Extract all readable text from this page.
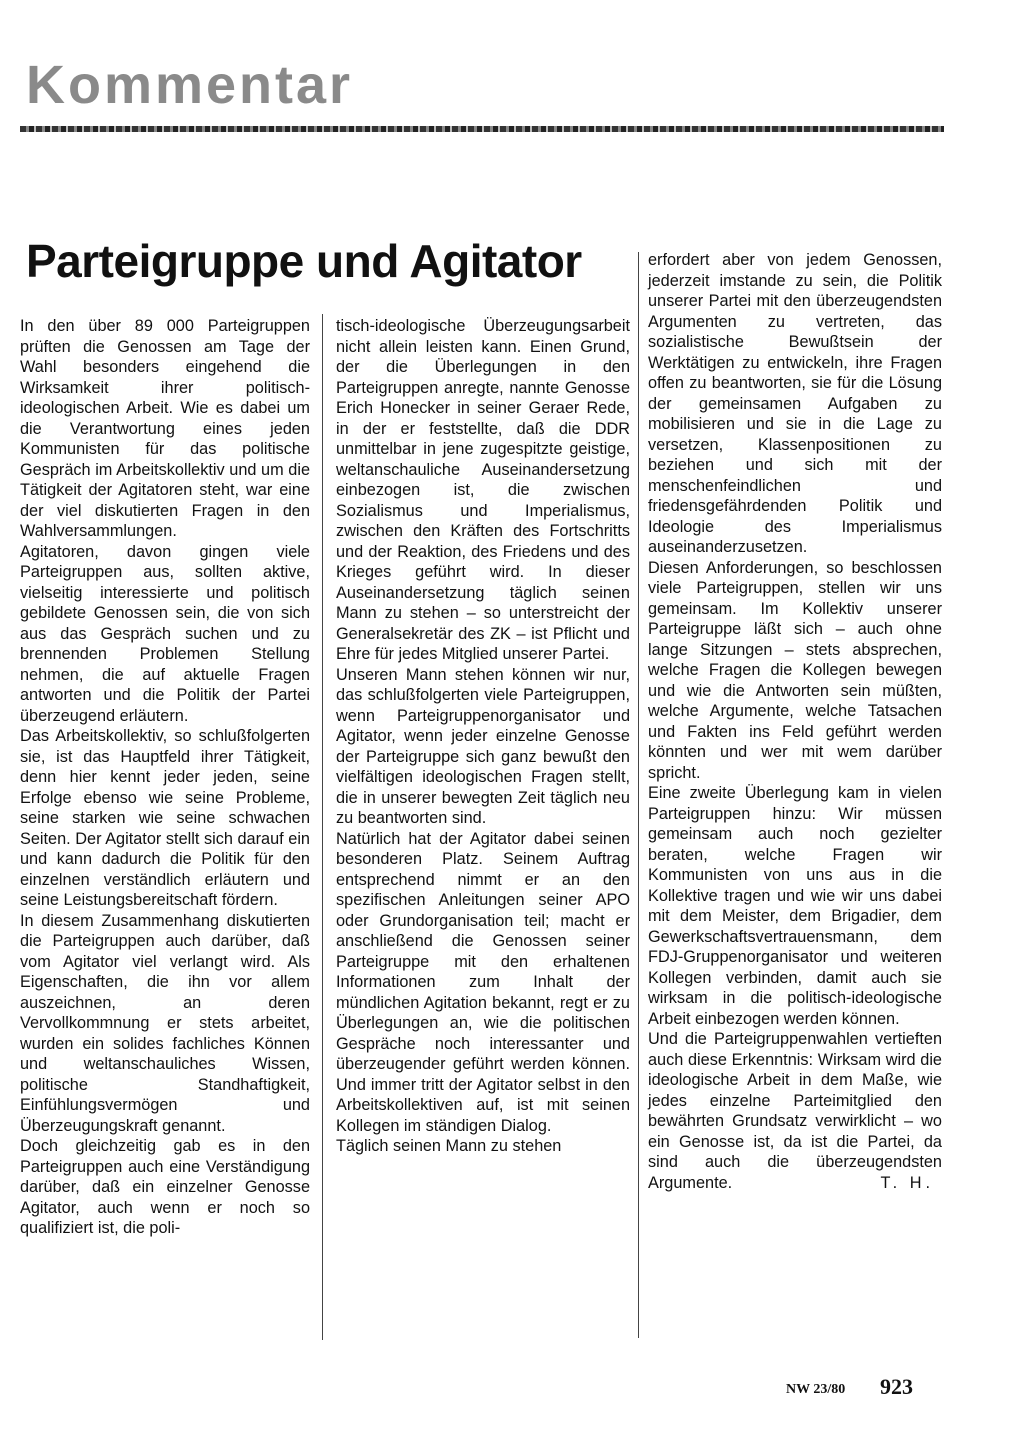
Kommentar
Parteigruppe und Agitator

In den über 89 000 Parteigruppen prüften die Genossen am Tage der Wahl besonders eingehend die Wirksamkeit ihrer politisch-ideologischen Arbeit. Wie es dabei um die Verantwortung eines jeden Kommunisten für das politische Gespräch im Arbeitskollektiv und um die Tätigkeit der Agitatoren steht, war eine der viel diskutierten Fragen in den Wahlversammlungen.

Agitatoren, davon gingen viele Parteigruppen aus, sollten aktive, vielseitig interessierte und politisch gebildete Genossen sein, die von sich aus das Gespräch suchen und zu brennenden Problemen Stellung nehmen, die auf aktuelle Fragen antworten und die Politik der Partei überzeugend erläutern.

Das Arbeitskollektiv, so schlußfolgerten sie, ist das Hauptfeld ihrer Tätigkeit, denn hier kennt jeder jeden, seine Erfolge ebenso wie seine Probleme, seine starken wie seine schwachen Seiten. Der Agitator stellt sich darauf ein und kann dadurch die Politik für den einzelnen verständlich erläutern und seine Leistungsbereitschaft fördern.

In diesem Zusammenhang diskutierten die Parteigruppen auch darüber, daß vom Agitator viel verlangt wird. Als Eigenschaften, die ihn vor allem auszeichnen, an deren Vervollkommnung er stets arbeitet, wurden ein solides fachliches Können und weltanschauliches Wissen, politische Standhaftigkeit, Einfühlungsvermögen und Überzeugungskraft genannt.

Doch gleichzeitig gab es in den Parteigruppen auch eine Verständigung darüber, daß ein einzelner Genosse Agitator, auch wenn er noch so qualifiziert ist, die poli-

tisch-ideologische Überzeugungsarbeit nicht allein leisten kann. Einen Grund, der die Überlegungen in den Parteigruppen anregte, nannte Genosse Erich Honecker in seiner Geraer Rede, in der er feststellte, daß die DDR unmittelbar in jene zugespitzte geistige, weltanschauliche Auseinandersetzung einbezogen ist, die zwischen Sozialismus und Imperialismus, zwischen den Kräften des Fortschritts und der Reaktion, des Friedens und des Krieges geführt wird. In dieser Auseinandersetzung täglich seinen Mann zu stehen – so unterstreicht der Generalsekretär des ZK – ist Pflicht und Ehre für jedes Mitglied unserer Partei.

Unseren Mann stehen können wir nur, das schlußfolgerten viele Parteigruppen, wenn Parteigruppenorganisator und Agitator, wenn jeder einzelne Genosse der Parteigruppe sich ganz bewußt den vielfältigen ideologischen Fragen stellt, die in unserer bewegten Zeit täglich neu zu beantworten sind.

Natürlich hat der Agitator dabei seinen besonderen Platz. Seinem Auftrag entsprechend nimmt er an den spezifischen Anleitungen seiner APO oder Grundorganisation teil; macht er anschließend die Genossen seiner Parteigruppe mit den erhaltenen Informationen zum Inhalt der mündlichen Agitation bekannt, regt er zu Überlegungen an, wie die politischen Gespräche noch interessanter und überzeugender geführt werden können. Und immer tritt der Agitator selbst in den Arbeitskollektiven auf, ist mit seinen Kollegen im ständigen Dialog.

Täglich seinen Mann zu stehen

erfordert aber von jedem Genossen, jederzeit imstande zu sein, die Politik unserer Partei mit den überzeugendsten Argumenten zu vertreten, das sozialistische Bewußtsein der Werktätigen zu entwickeln, ihre Fragen offen zu beantworten, sie für die Lösung der gemeinsamen Aufgaben zu mobilisieren und sie in die Lage zu versetzen, Klassenpositionen zu beziehen und sich mit der menschenfeindlichen und friedensgefährdenden Politik und Ideologie des Imperialismus auseinanderzusetzen.

Diesen Anforderungen, so beschlossen viele Parteigruppen, stellen wir uns gemeinsam. Im Kollektiv unserer Parteigruppe läßt sich – auch ohne lange Sitzungen – stets absprechen, welche Fragen die Kollegen bewegen und wie die Antworten sein müßten, welche Argumente, welche Tatsachen und Fakten ins Feld geführt werden könnten und wer mit wem darüber spricht.

Eine zweite Überlegung kam in vielen Parteigruppen hinzu: Wir müssen gemeinsam auch noch gezielter beraten, welche Fragen wir Kommunisten von uns aus in die Kollektive tragen und wie wir uns dabei mit dem Meister, dem Brigadier, dem Gewerkschaftsvertrauensmann, dem FDJ-Gruppenorganisator und weiteren Kollegen verbinden, damit auch sie wirksam in die politisch-ideologische Arbeit einbezogen werden können.

Und die Parteigruppenwahlen vertieften auch diese Erkenntnis: Wirksam wird die ideologische Arbeit in dem Maße, wie jedes einzelne Parteimitglied den bewährten Grundsatz verwirklicht – wo ein Genosse ist, da ist die Partei, da sind auch die überzeugendsten Argumente.	T. H.

NW 23/80 923
